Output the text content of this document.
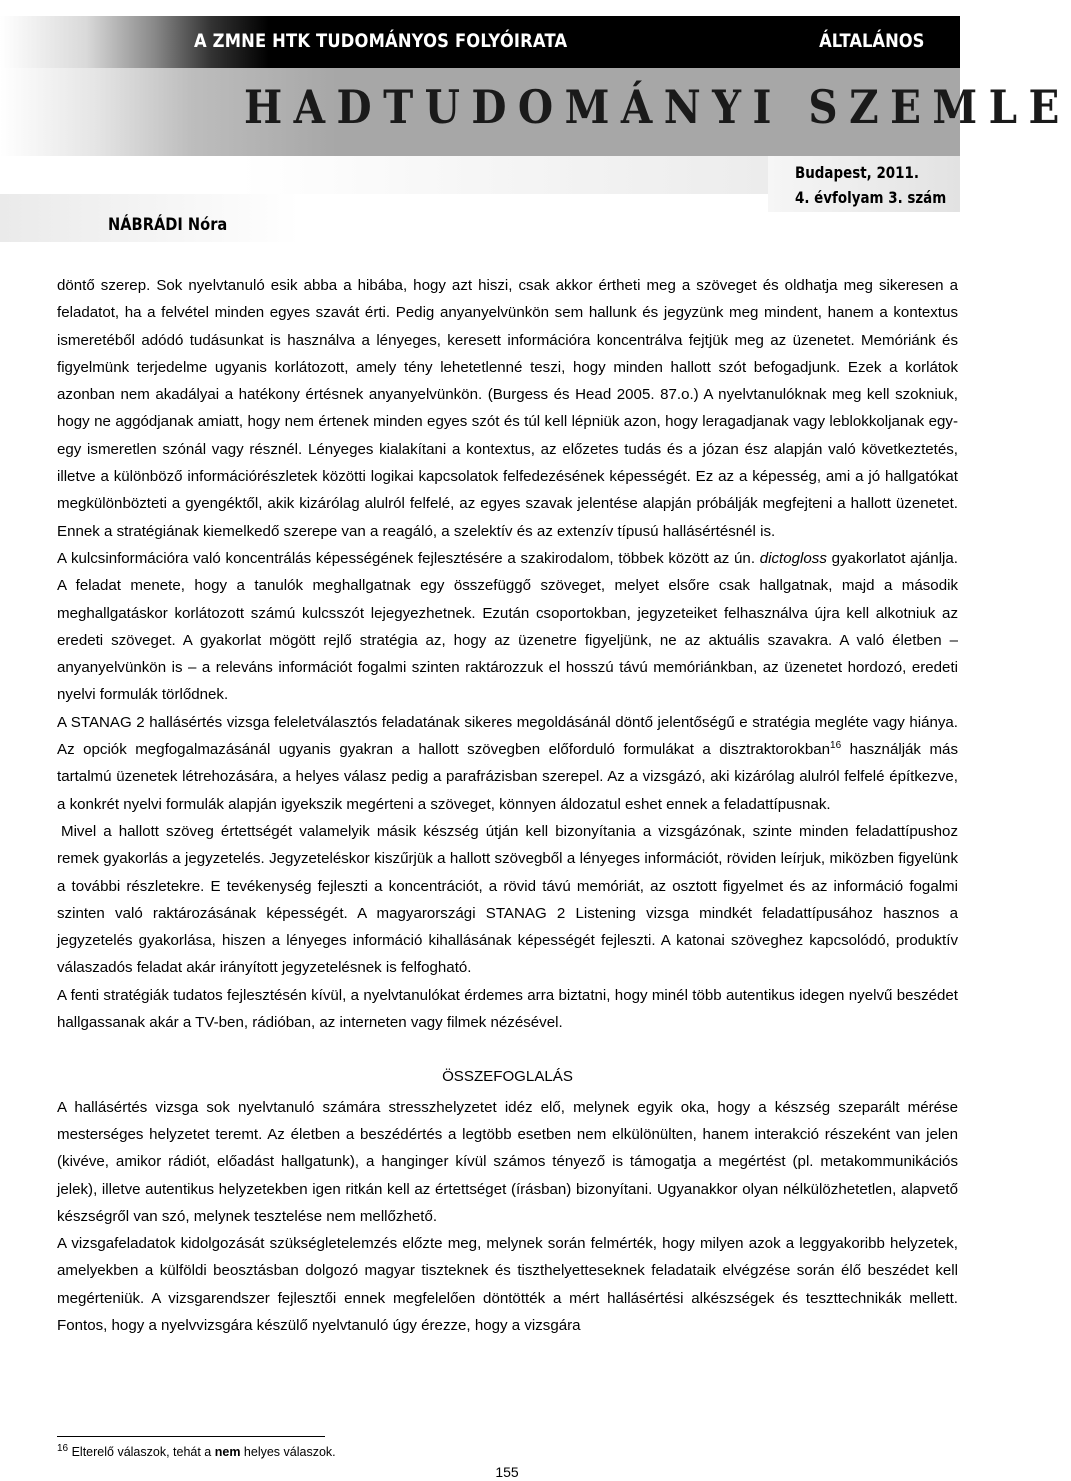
A ZMNE HTK TUDOMÁNYOS FOLYÓIRATA	ÁLTALÁNOS
HADTUDOMÁNYI SZEMLE
Budapest, 2011.
4. évfolyam 3. szám
NÁBRÁDI Nóra

döntő szerep. Sok nyelvtanuló esik abba a hibába, hogy azt hiszi, csak akkor értheti meg a szöveget és oldhatja meg sikeresen a feladatot, ha a felvétel minden egyes szavát érti. Pedig anyanyelvünkön sem hallunk és jegyzünk meg mindent, hanem a kontextus ismeretéből adódó tudásunkat is használva a lényeges, keresett információra koncentrálva fejtjük meg az üzenetet. Memóriánk és figyelmünk terjedelme ugyanis korlátozott, amely tény lehetetlenné teszi, hogy minden hallott szót befogadjunk. Ezek a korlátok azonban nem akadályai a hatékony értésnek anyanyelvünkön. (Burgess és Head 2005. 87.o.) A nyelvtanulóknak meg kell szokniuk, hogy ne aggódjanak amiatt, hogy nem értenek minden egyes szót és túl kell lépniük azon, hogy leragadjanak vagy leblokkoljanak egy-egy ismeretlen szónál vagy résznél. Lényeges kialakítani a kontextus, az előzetes tudás és a józan ész alapján való következtetés, illetve a különböző információrészletek közötti logikai kapcsolatok felfedezésének képességét. Ez az a képesség, ami a jó hallgatókat megkülönbözteti a gyengéktől, akik kizárólag alulról felfelé, az egyes szavak jelentése alapján próbálják megfejteni a hallott üzenetet. Ennek a stratégiának kiemelkedő szerepe van a reagáló, a szelektív és az extenzív típusú hallásértésnél is.

A kulcsinformációra való koncentrálás képességének fejlesztésére a szakirodalom, többek között az ún. dictogloss gyakorlatot ajánlja. A feladat menete, hogy a tanulók meghallgatnak egy összefüggő szöveget, melyet elsőre csak hallgatnak, majd a második meghallgatáskor korlátozott számú kulcsszót lejegyezhetnek. Ezután csoportokban, jegyzeteiket felhasználva újra kell alkotniuk az eredeti szöveget. A gyakorlat mögött rejlő stratégia az, hogy az üzenetre figyeljünk, ne az aktuális szavakra. A való életben – anyanyelvünkön is – a releváns információt fogalmi szinten raktározzuk el hosszú távú memóriánkban, az üzenetet hordozó, eredeti nyelvi formulák törlődnek.

A STANAG 2 hallásértés vizsga feleletválasztós feladatának sikeres megoldásánál döntő jelentőségű e stratégia megléte vagy hiánya. Az opciók megfogalmazásánál ugyanis gyakran a hallott szövegben előforduló formulákat a disztraktorokban$^{16}$ használják más tartalmú üzenetek létrehozására, a helyes válasz pedig a parafrázisban szerepel. Az a vizsgázó, aki kizárólag alulról felfelé építkezve, a konkrét nyelvi formulák alapján igyekszik megérteni a szöveget, könnyen áldozatul eshet ennek a feladattípusnak.

Mivel a hallott szöveg értettségét valamelyik másik készség útján kell bizonyítania a vizsgázónak, szinte minden feladattípushoz remek gyakorlás a jegyzetelés. Jegyzeteléskor kiszűrjük a hallott szövegből a lényeges információt, röviden leírjuk, miközben figyelünk a további részletekre. E tevékenység fejleszti a koncentrációt, a rövid távú memóriát, az osztott figyelmet és az információ fogalmi szinten való raktározásának képességét. A magyarországi STANAG 2 Listening vizsga mindkét feladattípusához hasznos a jegyzetelés gyakorlása, hiszen a lényeges információ kihallásának képességét fejleszti. A katonai szöveghez kapcsolódó, produktív válaszadós feladat akár irányított jegyzetelésnek is felfogható.

A fenti stratégiák tudatos fejlesztésén kívül, a nyelvtanulókat érdemes arra biztatni, hogy minél több autentikus idegen nyelvű beszédet hallgassanak akár a TV-ben, rádióban, az interneten vagy filmek nézésével.

ÖSSZEFOGLALÁS

A hallásértés vizsga sok nyelvtanuló számára stresszhelyzetet idéz elő, melynek egyik oka, hogy a készség szeparált mérése mesterséges helyzetet teremt. Az életben a beszédértés a legtöbb esetben nem elkülönülten, hanem interakció részeként van jelen (kivéve, amikor rádiót, előadást hallgatunk), a hanginger kívül számos tényező is támogatja a megértést (pl. metakommunikációs jelek), illetve autentikus helyzetekben igen ritkán kell az értettséget (írásban) bizonyítani. Ugyanakkor olyan nélkülözhetetlen, alapvető készségről van szó, melynek tesztelése nem mellőzhető.

A vizsgafeladatok kidolgozását szükségletelemzés előzte meg, melynek során felmérték, hogy milyen azok a leggyakoribb helyzetek, amelyekben a külföldi beosztásban dolgozó magyar tiszteknek és tiszthelyetteseknek feladataik elvégzése során élő beszédet kell megérteniük. A vizsgarendszer fejlesztői ennek megfelelően döntötték a mért hallásértési alkészségek és teszttechnikák mellett. Fontos, hogy a nyelvvizsgára készülő nyelvtanuló úgy érezze, hogy a vizsgára

$^{16}$ Elterelő válaszok, tehát a nem helyes válaszok.
155
